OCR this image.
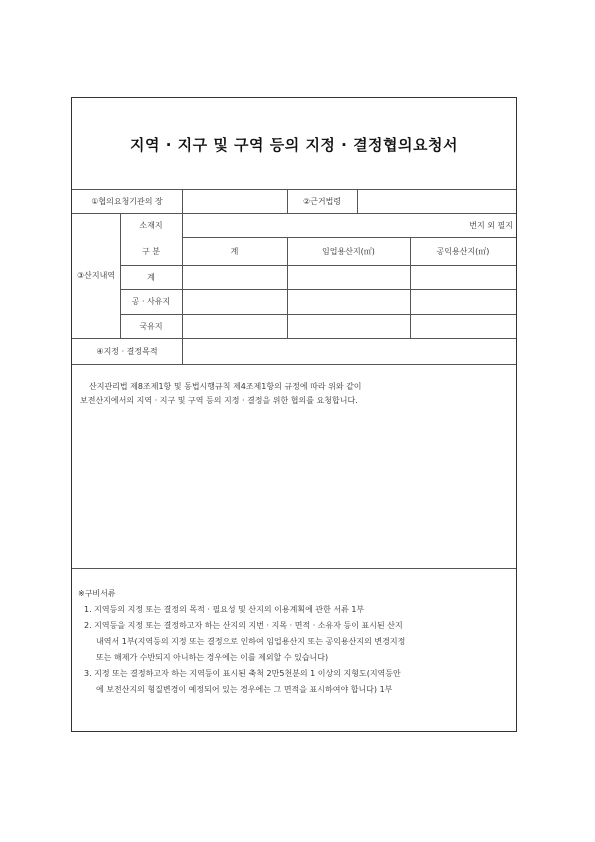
지역 · 지구 및 구역 등의 지정 · 결정협의요청서
①협의요청기관의 장	②근거법령
③산지내역
소재지	번지 외 필지
구 분	계	임업용산지(㎡)	공익용산지(㎡)
계
공 · 사유지
국유지
④지정 · 결정목적
산지관리법 제8조제1항 및 동법시행규칙 제4조제1항의 규정에 따라 위와 같이
보전산지에서의 지역 · 지구 및 구역 등의 지정 · 결정을 위한 협의를 요청합니다.
※구비서류
1. 지역등의 지정 또는 결정의 목적 · 필요성 및 산지의 이용계획에 관한 서류 1부
2. 지역등을 지정 또는 결정하고자 하는 산지의 지번 · 지목 · 면적 · 소유자 등이 표시된 산지
내역서 1부(지역등의 지정 또는 결정으로 인하여 임업용산지 또는 공익용산지의 변경지정
또는 해제가 수반되지 아니하는 경우에는 이를 제외할 수 있습니다)
3. 지정 또는 결정하고자 하는 지역등이 표시된 축척 2만5천분의 1 이상의 지형도(지역등안
에 보전산지의 형질변경이 예정되어 있는 경우에는 그 면적을 표시하여야 합니다) 1부
